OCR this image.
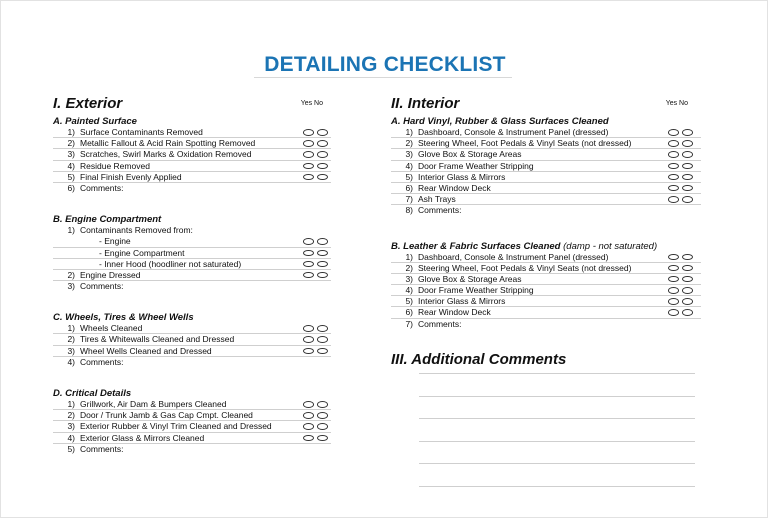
DETAILING CHECKLIST
I. Exterior	Yes No
A. Painted Surface
1) Surface Contaminants Removed
2) Metallic Fallout & Acid Rain Spotting Removed
3) Scratches, Swirl Marks & Oxidation Removed
4) Residue Removed
5) Final Finish Evenly Applied
6) Comments:
B. Engine Compartment
1) Contaminants Removed from:
- Engine
- Engine Compartment
- Inner Hood (hoodliner not saturated)
2) Engine Dressed
3) Comments:
C. Wheels, Tires & Wheel Wells
1) Wheels Cleaned
2) Tires & Whitewalls Cleaned and Dressed
3) Wheel Wells Cleaned and Dressed
4) Comments:
D. Critical Details
1) Grillwork, Air Dam & Bumpers Cleaned
2) Door / Trunk Jamb & Gas Cap Cmpt. Cleaned
3) Exterior Rubber & Vinyl Trim Cleaned and Dressed
4) Exterior Glass & Mirrors Cleaned
5) Comments:
II. Interior	Yes No
A. Hard Vinyl, Rubber & Glass Surfaces Cleaned
1) Dashboard, Console & Instrument Panel (dressed)
2) Steering Wheel, Foot Pedals & Vinyl Seats (not dressed)
3) Glove Box & Storage Areas
4) Door Frame Weather Stripping
5) Interior Glass & Mirrors
6) Rear Window Deck
7) Ash Trays
8) Comments:
B. Leather & Fabric Surfaces Cleaned (damp - not saturated)
1) Dashboard, Console & Instrument Panel (dressed)
2) Steering Wheel, Foot Pedals & Vinyl Seats (not dressed)
3) Glove Box & Storage Areas
4) Door Frame Weather Stripping
5) Interior Glass & Mirrors
6) Rear Window Deck
7) Comments:
III. Additional Comments
